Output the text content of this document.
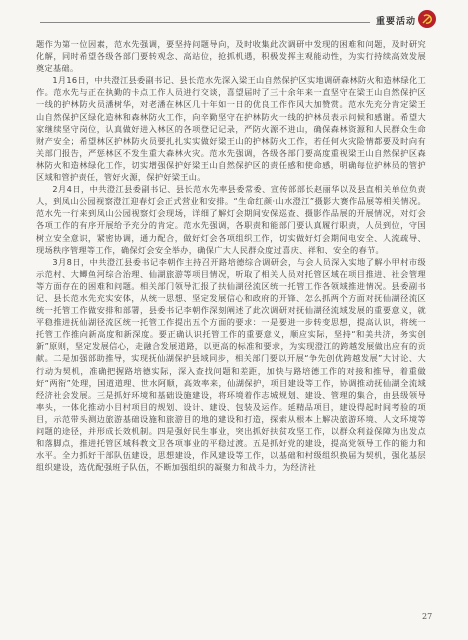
重要活动

题作为第一位因素，范水先强调，要坚持问题导向，及时收集此次调研中发现的困难和问题，及时研究化解，同时希望各级各部门要转观念、高站位，抢抓机遇，积极发挥主观能动性，为实行持续高效发展奠定基础。

1月16日，中共澄江县委副书记、县长范水先深入梁王山自然保护区实地调研森林防火和造林绿化工作。范水先与正在执勤的卡点工作人员进行交谈，喜望届时了三十余年来一直坚守在梁王山自然保护区一线的护林防火员潘树华，对老潘在林区几十年如一日的优良工作作风大加赞赏。范水先充分肯定梁王山自然保护区绿化造林和森林防火工作，向辛勤坚守在护林防火一线的护林员表示问候和感谢。希望大家继续坚守岗位，认真做好进入林区的各项登记记录，严防火源不进山，确保森林资源和人民群众生命财产安全；希望林区护林防火员要扎扎实实做好梁王山的护林防火工作，若任何火灾险情都要及时向有关部门报告，严惩林区不发生重大森林火灾。范水先强调，各级各部门要高度重视梁王山自然保护区森林防火和造林绿化工作，切实增强保护好梁王山自然保护区的责任感和使命感，明确每位护林员的管护区域和管护责任，管好火源，保护好梁王山。

2月4日，中共澄江县委副书记、县长范水先率县委常委、宣传部部长赵丽华以及县直相关单位负责人，到凤山公园视察澄江迎春灯会正式营业和安排。“生命红颜·山水澄江”摄影大赛作品展等相关情况。范水先一行来到凤山公园视察灯会现场，详细了解灯会期间安保巡查、摄影作品展的开展情况，对灯会各项工作的有序开展给予充分的肯定。范水先强调，各职责和能部门要认真履行职责，人员到位，守国树立安全意识，紧密协调，通力配合，做好灯会各项组织工作，切实做好灯会期间电安全、人流疏导、现场秩序管理等工作，确保灯会安全举办，确保广大人民群众度过喜庆、祥和、安全的春节。

3月8日，中共澄江县委书记李朝作主持召开路培德综合调研会，与会人员深入实地了解小甲村市级示范村、大鲫鱼河综合治理、仙湖旅游等项目情况，听取了相关人员对托管区域在项目推进、社会管理等方面存在的困难和问题。相关部门领导汇报了扶仙湖径流区统一托管工作各领域推进情况。县委副书记、县长范水先充实安体，从统一思想、坚定发展信心和政府的开锋、怎么抓两个方面对抚仙湖径流区统一托管工作做安排和部署，县委书记李朝作深刻阐述了此次调研对抚仙湖径流域发展的重要意义，就平稳推进抚仙湖径流区统一托管工作提出五个方面的要求：一是要进一步转变思想，提高认识，将统一托管工作推向新高度和新深度。要正确认识托管工作的重要意义，顺应实际，坚持“和美共济，务实创新”原则，坚定发展信心，走融合发展道路，以更高的标准和要求，为实现澄江的跨越发展做出应有的贡献。二是加强部助推导，实现抚仙湖保护县域同步，相关部门要以开展“争先创优跨越发展”大讨论、大行动为契机，准确把握路培德实际，深入查找问题和差距，加快与路培德工作的对接和推导，着重做好“两衔”处理，国道道理、世水阿顺，高效率来，仙湖保护，项目建设等工作，协调推动抚仙湖全流域经济社会发展。三是抓好环境和基础设施建设，将环境着作志城规划、建设、管理的集合，由县级领导率头，一体化推动小目村项目的规划、设计、建设、包装及运作。延精品项目，建设得起时间考验的项目，示范带头测边旅游基础设施和旅游目的地的建设和打造，探索从根本上解决旅游环境、人文环境等问题的途径，并形成长效机制。四是强好民生事业，突出抓好扶贫攻坚工作，以群众利益保障为出发点和落脚点，推进托管区域科教文卫各项事业的平稳过渡。五是抓好党的建设，提高党领导工作的能力和水平。全力抓好干部队伍建设，思想建设，作风建设等工作，以基础和村级组织换届为契机，强化基层组织建设，选优配强班子队伍，不断加强组织的凝聚力和战斗力，为经济社

27
